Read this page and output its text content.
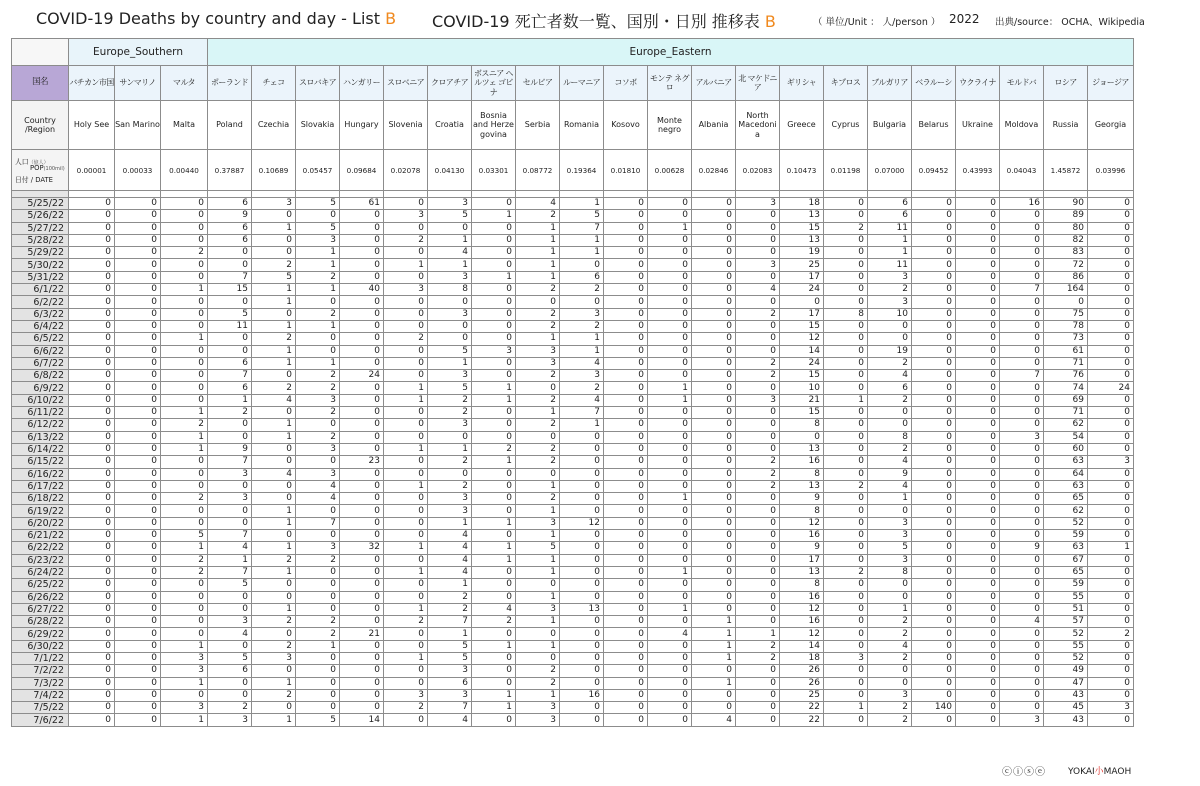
COVID-19 Deaths by country and day - List B COVID-19 死亡者数一覧、国別・日別 推移表 B	（ 単位/Unit ： 人/person ） 2022 出典/source： OCHA、Wikipedia
	Europe_Southern			Europe_Eastern																				
国名	バチカン市国	サンマリノ	マルタ	ポーランド	チェコ	スロバキア	ハンガリー	スロベニア	クロアチア	ボスニア ヘルツェ ゴビナ	セルビア	ルーマニア	コソボ	モンテ ネグロ	アルバニア	北 マケドニア	ギリシャ	キプロス	ブルガリア	ベラルーシ	ウクライナ	モルドバ	ロシア	ジョージア
Country /Region	Holy See	San Marino	Malta	Poland	Czechia	Slovakia	Hungary	Slovenia	Croatia	Bosnia and Herze govina	Serbia	Romania	Kosovo	Monte negro	Albania	North Macedoni a	Greece	Cyprus	Bulgaria	Belarus	Ukraine	Moldova	Russia	Georgia

人口（億人）
POP(100mil)
日付 / DATE	0.00001	0.00033	0.00440	0.37887	0.10689	0.05457	0.09684	0.02078	0.04130	0.03301	0.08772	0.19364	0.01810	0.00628	0.02846	0.02083	0.10473	0.01198	0.07000	0.09452	0.43993	0.04043	1.45872	0.03996

5/25/22	0	0	0	6	3	5	61	0	3	0	4	1	0	0	0	3	18	0	6	0	0	16	90	0
5/26/22	0	0	0	9	0	0	0	3	5	1	2	5	0	0	0	0	13	0	6	0	0	0	89	0
5/27/22	0	0	0	6	1	5	0	0	0	0	1	7	0	1	0	0	15	2	11	0	0	0	80	0
5/28/22	0	0	0	6	0	3	0	2	1	0	1	1	0	0	0	0	13	0	1	0	0	0	82	0
5/29/22	0	0	2	0	0	1	0	0	4	0	1	1	0	0	0	0	19	0	1	0	0	0	83	0
5/30/22	0	0	0	0	2	1	0	1	1	0	1	0	0	0	0	3	25	0	11	0	0	0	72	0
5/31/22	0	0	0	7	5	2	0	0	3	1	1	6	0	0	0	0	17	0	3	0	0	0	86	0
6/1/22	0	0	1	15	1	1	40	3	8	0	2	2	0	0	0	4	24	0	2	0	0	7	164	0
6/2/22	0	0	0	0	1	0	0	0	0	0	0	0	0	0	0	0	0	0	3	0	0	0	0	0
6/3/22	0	0	0	5	0	2	0	0	3	0	2	3	0	0	0	2	17	8	10	0	0	0	75	0
6/4/22	0	0	0	11	1	1	0	0	0	0	2	2	0	0	0	0	15	0	0	0	0	0	78	0
6/5/22	0	0	1	0	2	0	0	2	0	0	1	1	0	0	0	0	12	0	0	0	0	0	73	0
6/6/22	0	0	0	0	1	0	0	0	5	3	3	1	0	0	0	0	14	0	19	0	0	0	61	0
6/7/22	0	0	0	6	1	1	0	0	1	0	3	4	0	0	0	2	24	0	2	0	0	0	71	0
6/8/22	0	0	0	7	0	2	24	0	3	0	2	3	0	0	0	2	15	0	4	0	0	7	76	0
6/9/22	0	0	0	6	2	2	0	1	5	1	0	2	0	1	0	0	10	0	6	0	0	0	74	24
6/10/22	0	0	0	1	4	3	0	1	2	1	2	4	0	1	0	3	21	1	2	0	0	0	69	0
6/11/22	0	0	1	2	0	2	0	0	2	0	1	7	0	0	0	0	15	0	0	0	0	0	71	0
6/12/22	0	0	2	0	1	0	0	0	3	0	2	1	0	0	0	0	8	0	0	0	0	0	62	0
6/13/22	0	0	1	0	1	2	0	0	0	0	0	0	0	0	0	0	0	0	8	0	0	3	54	0
6/14/22	0	0	1	9	0	3	0	1	1	2	2	0	0	0	0	0	13	0	2	0	0	0	60	0
6/15/22	0	0	0	7	0	0	23	0	2	1	2	0	0	0	0	2	16	0	4	0	0	0	63	3
6/16/22	0	0	0	3	4	3	0	0	0	0	0	0	0	0	0	2	8	0	9	0	0	0	64	0
6/17/22	0	0	0	0	0	4	0	1	2	0	1	0	0	0	0	2	13	2	4	0	0	0	63	0
6/18/22	0	0	2	3	0	4	0	0	3	0	2	0	0	1	0	0	9	0	1	0	0	0	65	0
6/19/22	0	0	0	0	1	0	0	0	3	0	1	0	0	0	0	0	8	0	0	0	0	0	62	0
6/20/22	0	0	0	0	1	7	0	0	1	1	3	12	0	0	0	0	12	0	3	0	0	0	52	0
6/21/22	0	0	5	7	0	0	0	0	4	0	1	0	0	0	0	0	16	0	3	0	0	0	59	0
6/22/22	0	0	1	4	1	3	32	1	4	1	5	0	0	0	0	0	9	0	5	0	0	9	63	1
6/23/22	0	0	2	1	2	2	0	0	4	1	1	0	0	0	0	0	17	0	3	0	0	0	67	0
6/24/22	0	0	2	7	1	0	0	1	4	0	1	0	0	1	0	0	13	2	8	0	0	0	65	0
6/25/22	0	0	0	5	0	0	0	0	1	0	0	0	0	0	0	0	8	0	0	0	0	0	59	0
6/26/22	0	0	0	0	0	0	0	0	2	0	1	0	0	0	0	0	16	0	0	0	0	0	55	0
6/27/22	0	0	0	0	1	0	0	1	2	4	3	13	0	1	0	0	12	0	1	0	0	0	51	0
6/28/22	0	0	0	3	2	2	0	2	7	2	1	0	0	0	1	0	16	0	2	0	0	4	57	0
6/29/22	0	0	0	4	0	2	21	0	1	0	0	0	0	4	1	1	12	0	2	0	0	0	52	2
6/30/22	0	0	1	0	2	1	0	0	5	1	1	0	0	0	1	2	14	0	4	0	0	0	55	0
7/1/22	0	0	3	5	3	0	0	1	5	0	0	0	0	0	1	2	18	3	2	0	0	0	52	0
7/2/22	0	0	3	6	0	0	0	0	3	0	2	0	0	0	0	0	26	0	0	0	0	0	49	0
7/3/22	0	0	1	0	1	0	0	0	6	0	2	0	0	0	1	0	26	0	0	0	0	0	47	0
7/4/22	0	0	0	0	2	0	0	3	3	1	1	16	0	0	0	0	25	0	3	0	0	0	43	0
7/5/22	0	0	3	2	0	0	0	2	7	1	3	0	0	0	0	0	22	1	2	140	0	0	45	3
7/6/22	0	0	1	3	1	5	14	0	4	0	3	0	0	0	4	0	22	0	2	0	0	3	43	0
ⓒⓘⓢⓔ YOKAI小MAOH
